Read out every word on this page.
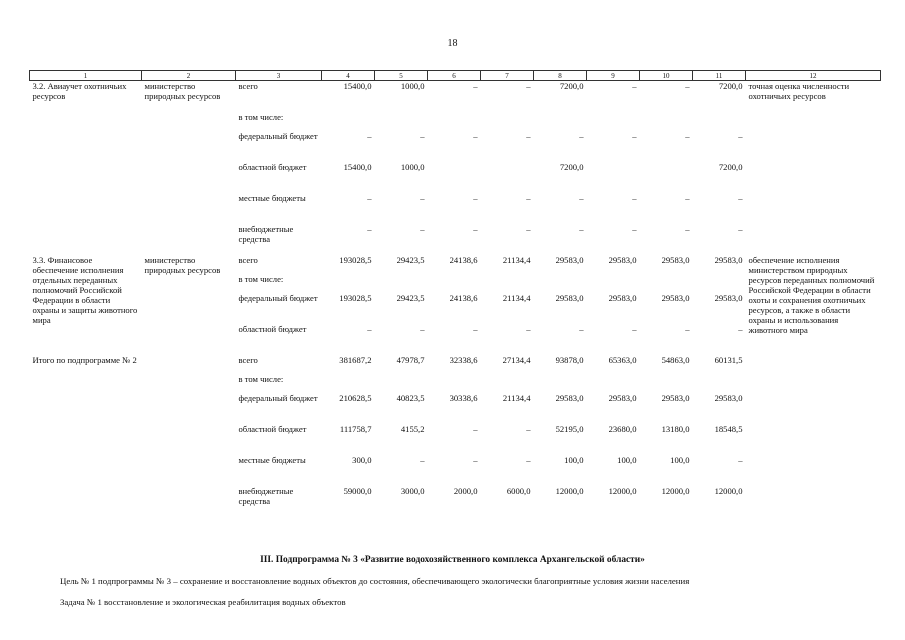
18
1	2	3	4	5	6	7	8	9	10	11	12
3.2. Авиаучет охотничьих ресурсов	министерство природных ресурсов	всего	15400,0	1000,0	–	–	7200,0	–	–	7200,0	точная оценка численности охотничьих ресурсов
		в том числе:									
		федеральный бюджет	–	–	–	–	–	–	–	–	
		областной бюджет	15400,0	1000,0			7200,0			7200,0	
		местные бюджеты	–	–	–	–	–	–	–	–	
		внебюджетные средства	–	–	–	–	–	–	–	–	
3.3. Финансовое обеспечение исполнения отдельных переданных полномочий Российской Федерации в области охраны и защиты животного мира	министерство природных ресурсов	всего	193028,5	29423,5	24138,6	21134,4	29583,0	29583,0	29583,0	29583,0	обеспечение исполнения министерством природных ресурсов переданных полномочий Российской Федерации в области охоты и сохранения охотничьих ресурсов, а также в области охраны и использования животного мира
		в том числе:									
		федеральный бюджет	193028,5	29423,5	24138,6	21134,4	29583,0	29583,0	29583,0	29583,0	
		областной бюджет	–	–	–	–	–	–	–	–	
Итого по подпрограмме № 2		всего	381687,2	47978,7	32338,6	27134,4	93878,0	65363,0	54863,0	60131,5	
		в том числе:									
		федеральный бюджет	210628,5	40823,5	30338,6	21134,4	29583,0	29583,0	29583,0	29583,0	
		областной бюджет	111758,7	4155,2	–	–	52195,0	23680,0	13180,0	18548,5	
		местные бюджеты	300,0	–	–	–	100,0	100,0	100,0	–	
		внебюджетные средства	59000,0	3000,0	2000,0	6000,0	12000,0	12000,0	12000,0	12000,0	
III. Подпрограмма № 3 «Развитие водохозяйственного комплекса Архангельской области»
Цель № 1 подпрограммы № 3 – сохранение и восстановление водных объектов до состояния, обеспечивающего экологически благоприятные условия жизни населения
Задача № 1 восстановление и экологическая реабилитация водных объектов
